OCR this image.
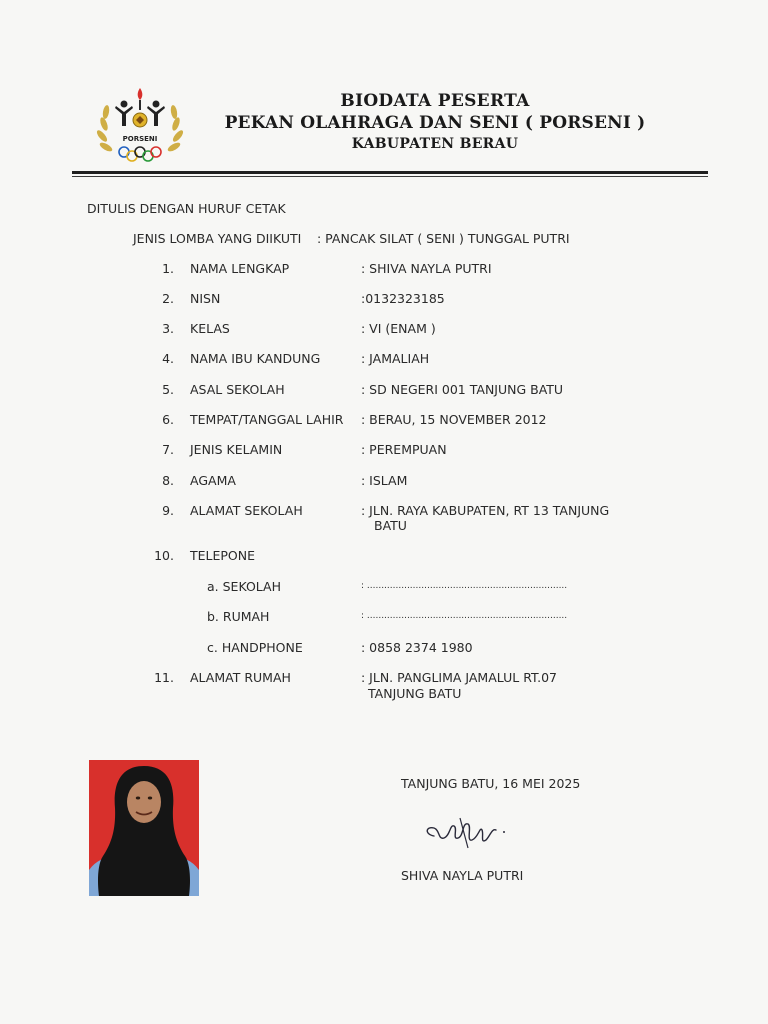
PORSENI
BIODATA PESERTA
PEKAN OLAHRAGA DAN SENI ( PORSENI )
KABUPATEN BERAU
DITULIS DENGAN HURUF CETAK
JENIS LOMBA YANG DIIKUTI : PANCAK SILAT ( SENI ) TUNGGAL PUTRI
1. NAMA LENGKAP	: SHIVA NAYLA PUTRI
2. NISN	:0132323185
3. KELAS	: VI (ENAM )
4. NAMA IBU KANDUNG	: JAMALIAH
5. ASAL SEKOLAH	: SD NEGERI 001 TANJUNG BATU
6. TEMPAT/TANGGAL LAHIR : BERAU, 15 NOVEMBER 2012
7. JENIS KELAMIN	: PEREMPUAN
8. AGAMA	: ISLAM
9. ALAMAT SEKOLAH	: JLN. RAYA KABUPATEN, RT 13 TANJUNG
BATU
10. TELEPONE
a. SEKOLAH	: ......................................................................
b. RUMAH	: ......................................................................
c. HANDPHONE	: 0858 2374 1980
11. ALAMAT RUMAH	: JLN. PANGLIMA JAMALUL RT.07
TANJUNG BATU
TANJUNG BATU, 16 MEI 2025
SHIVA NAYLA PUTRI
